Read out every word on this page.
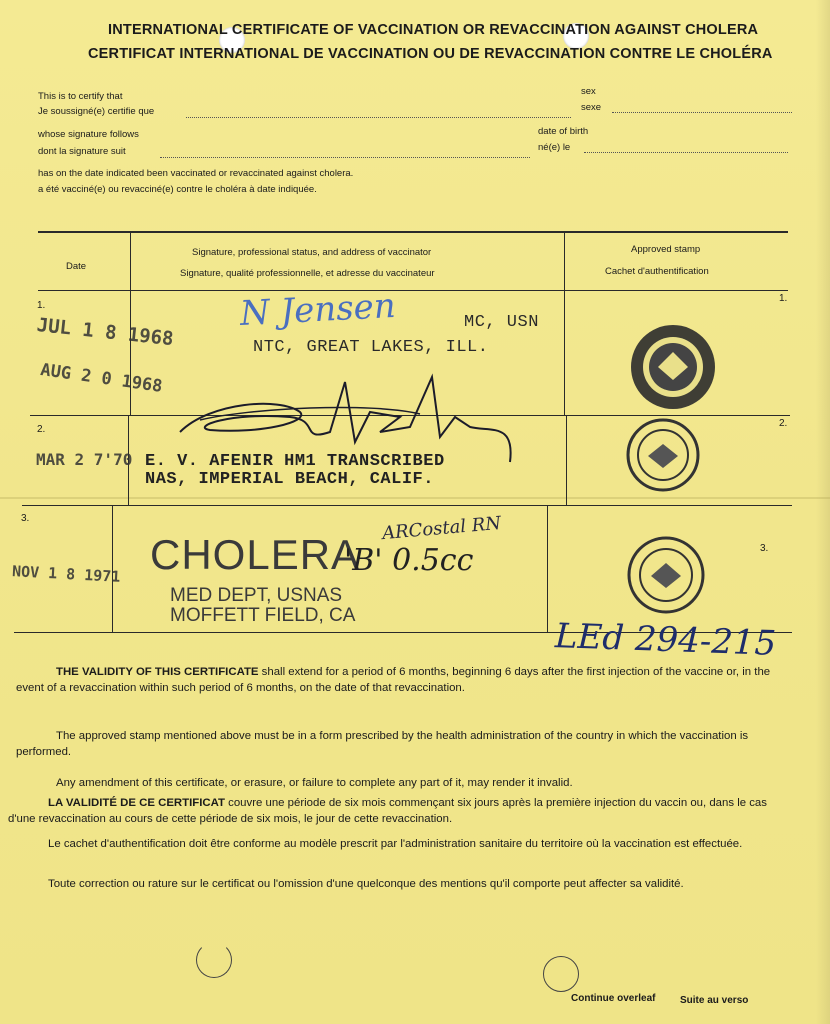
INTERNATIONAL CERTIFICATE OF VACCINATION OR REVACCINATION AGAINST CHOLERA
CERTIFICAT INTERNATIONAL DE VACCINATION OU DE REVACCINATION CONTRE LE CHOLÉRA
This is to certify that
Je soussigné(e) certifie que
sex
sexe
whose signature follows
dont la signature suit
date of birth
né(e) le
has on the date indicated been vaccinated or revaccinated against cholera.
a été vacciné(e) ou revacciné(e) contre le choléra à date indiquée.
Date
Signature, professional status, and address of vaccinator
Signature, qualité professionnelle, et adresse du vaccinateur
Approved stamp
Cachet d'authentification
1.
1.
2.
2.
3.
3.
JUL 1 8 1968
AUG 2 0 1968
N Jensen	MC, USN
NTC, GREAT LAKES, ILL.
MAR 2 7'70 E. V. AFENIR HM1 TRANSCRIBED
NAS, IMPERIAL BEACH, CALIF.
NOV 1 8 1971 CHOLERA
'B' 0.5cc
ARCostal RN
MED DEPT, USNAS
MOFFETT FIELD, CA
LEd 294-215
THE VALIDITY OF THIS CERTIFICATE shall extend for a period of 6 months, beginning 6 days after the first injection of the vaccine or, in the event of a revaccination within such period of 6 months, on the date of that revaccination.
The approved stamp mentioned above must be in a form prescribed by the health administration of the country in which the vaccination is performed.
Any amendment of this certificate, or erasure, or failure to complete any part of it, may render it invalid.
LA VALIDITÉ DE CE CERTIFICAT couvre une période de six mois commençant six jours après la première injection du vaccin ou, dans le cas d'une revaccination au cours de cette période de six mois, le jour de cette revaccination.
Le cachet d'authentification doit être conforme au modèle prescrit par l'administration sanitaire du territoire où la vaccination est effectuée.
Toute correction ou rature sur le certificat ou l'omission d'une quelconque des mentions qu'il comporte peut affecter sa validité.
Continue overleaf Suite au verso
